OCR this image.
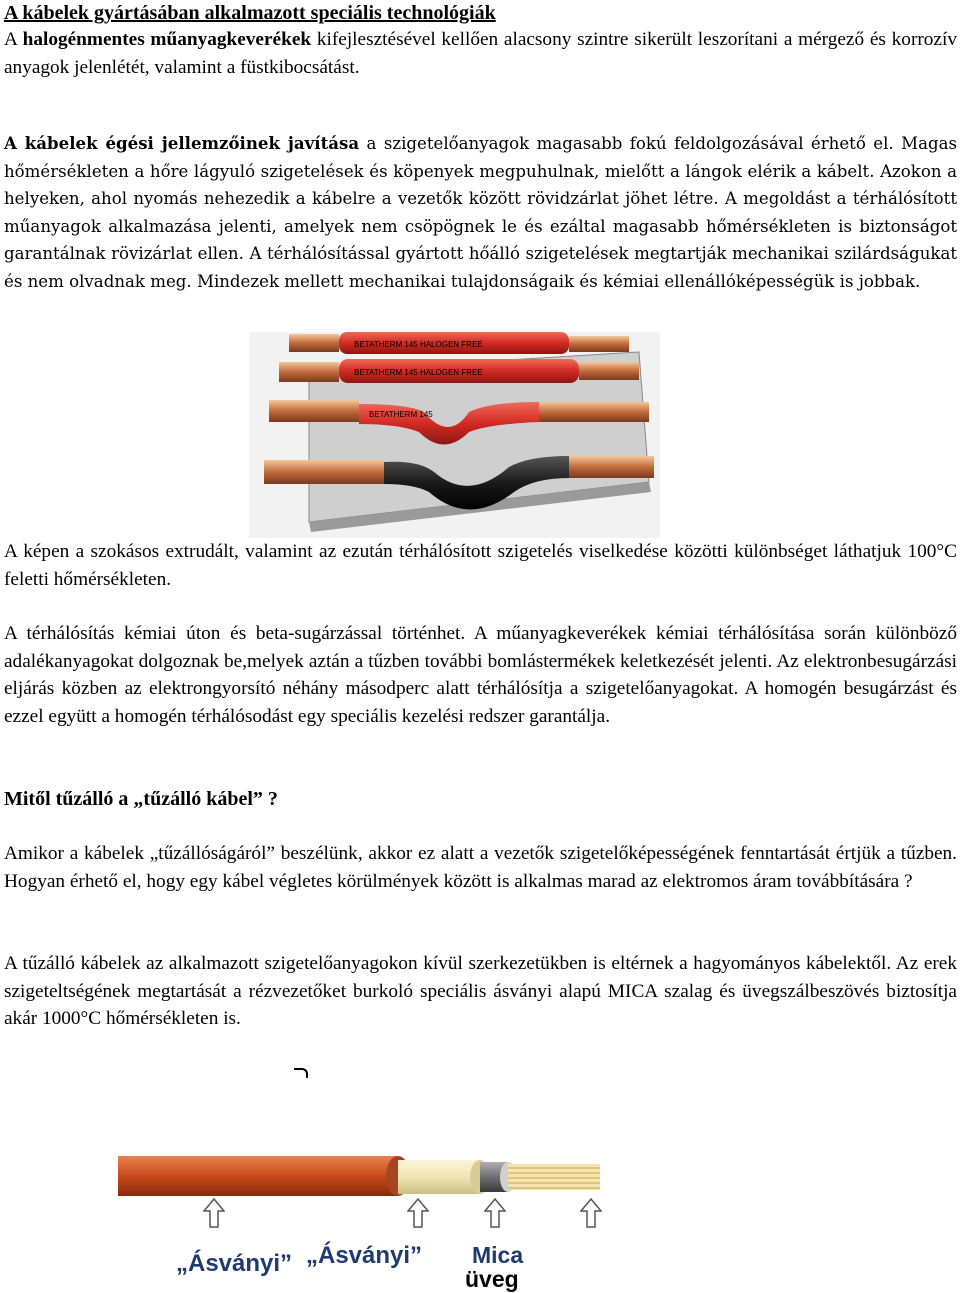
A kábelek gyártásában alkalmazott speciális technológiák

A halogénmentes műanyagkeverékek kifejlesztésével kellően alacsony szintre sikerült leszorítani a mérgező és korrozív anyagok jelenlétét, valamint a füstkibocsátást.

A kábelek égési jellemzőinek javítása a szigetelőanyagok magasabb fokú feldolgozásával érhető el. Magas hőmérsékleten a hőre lágyuló szigetelések és köpenyek megpuhulnak, mielőtt a lángok elérik a kábelt. Azokon a helyeken, ahol nyomás nehezedik a kábelre a vezetők között rövidzárlat jöhet létre. A megoldást a térhálósított műanyagok alkalmazása jelenti, amelyek nem csöpögnek le és ezáltal magasabb hőmérsékleten is biztonságot garantálnak rövizárlat ellen. A térhálósítással gyártott hőálló szigetelések megtartják mechanikai szilárdságukat és nem olvadnak meg. Mindezek mellett mechanikai tulajdonságaik és kémiai ellenállóképességük is jobbak.

BETATHERM 145 HALOGEN FREE
BETATHERM 145 HALOGEN FREE
BETATHERM 145

A képen a szokásos extrudált, valamint az ezután térhálósított szigetelés viselkedése közötti különbséget láthatjuk 100°C feletti hőmérsékleten.

A térhálósítás kémiai úton és beta-sugárzással történhet. A műanyagkeverékek kémiai térhálósítása során különböző adalékanyagokat dolgoznak be,melyek aztán a tűzben további bomlástermékek keletkezését jelenti. Az elektronbesugárzási eljárás közben az elektrongyorsító néhány másodperc alatt térhálósítja a szigetelőanyagokat. A homogén besugárzást és ezzel együtt a homogén térhálósodást egy speciális kezelési redszer garantálja.

Mitől tűzálló a „tűzálló kábel” ?

Amikor a kábelek „tűzállóságáról” beszélünk, akkor ez alatt a vezetők szigetelőképességének fenntartását értjük a tűzben. Hogyan érhető el, hogy egy kábel végletes körülmények között is alkalmas marad az elektromos áram továbbítására ?

A tűzálló kábelek az alkalmazott szigetelőanyagokon kívül szerkezetükben is eltérnek a hagyományos kábelektől. Az erek szigeteltségének megtartását a rézvezetőket burkoló speciális ásványi alapú MICA szalag és üvegszálbeszövés biztosítja akár 1000°C hőmérsékleten is.

„Ásványi” „Ásványi” Mica
üveg
